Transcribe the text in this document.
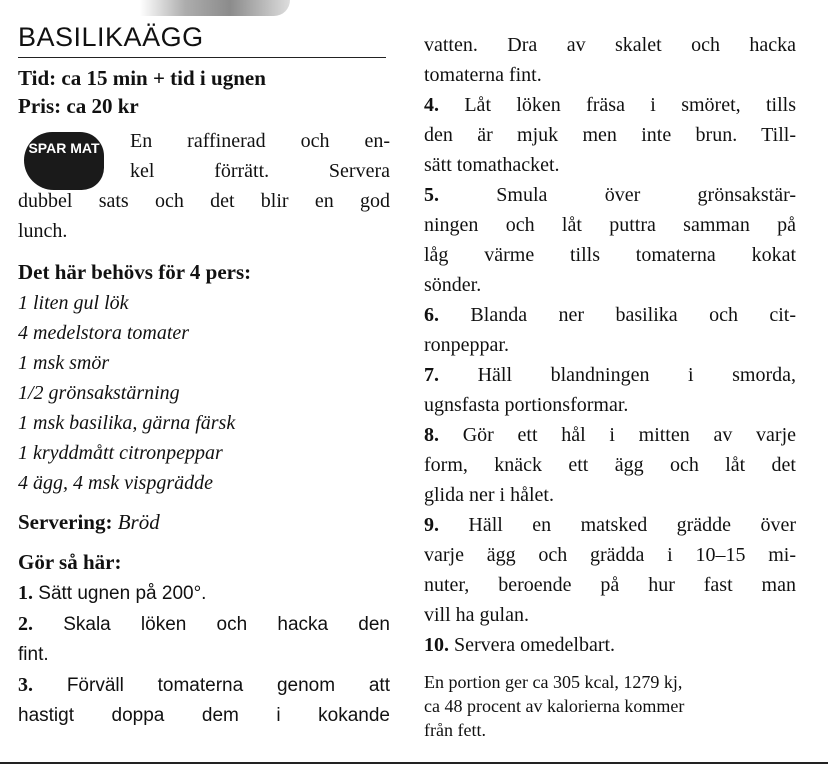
BASILIKAÄGG

Tid: ca 15 min + tid i ugnen

Pris: ca 20 kr

SPAR MAT	En raffinerad och en-

kel förrätt. Servera

dubbel sats och det blir en god

lunch.

Det här behövs för 4 pers:

1 liten gul lök
4 medelstora tomater
1 msk smör
1/2 grönsakstärning
1 msk basilika, gärna färsk
1 kryddmått citronpeppar
4 ägg, 4 msk vispgrädde

Servering: Bröd

Gör så här:

1. Sätt ugnen på 200°.

2. Skala löken och hacka den

fint.

3. Förväll tomaterna genom att

hastigt doppa dem i kokande

vatten. Dra av skalet och hacka

tomaterna fint.

4. Låt löken fräsa i smöret, tills

den är mjuk men inte brun. Till-

sätt tomathacket.

5.	Smula över grönsakstär-

ningen och låt puttra samman på

låg värme tills tomaterna kokat

sönder.

6. Blanda ner basilika och cit-

ronpeppar.

7. Häll blandningen i smorda,

ugnsfasta portionsformar.

8. Gör ett hål i mitten av varje

form, knäck ett ägg och låt det

glida ner i hålet.

9. Häll en matsked grädde över

varje ägg och grädda i 10–15 mi-

nuter, beroende på hur fast man

vill ha gulan.

10. Servera omedelbart.

En portion ger ca 305 kcal, 1279 kj,
ca 48 procent av kalorierna kommer
från fett.
